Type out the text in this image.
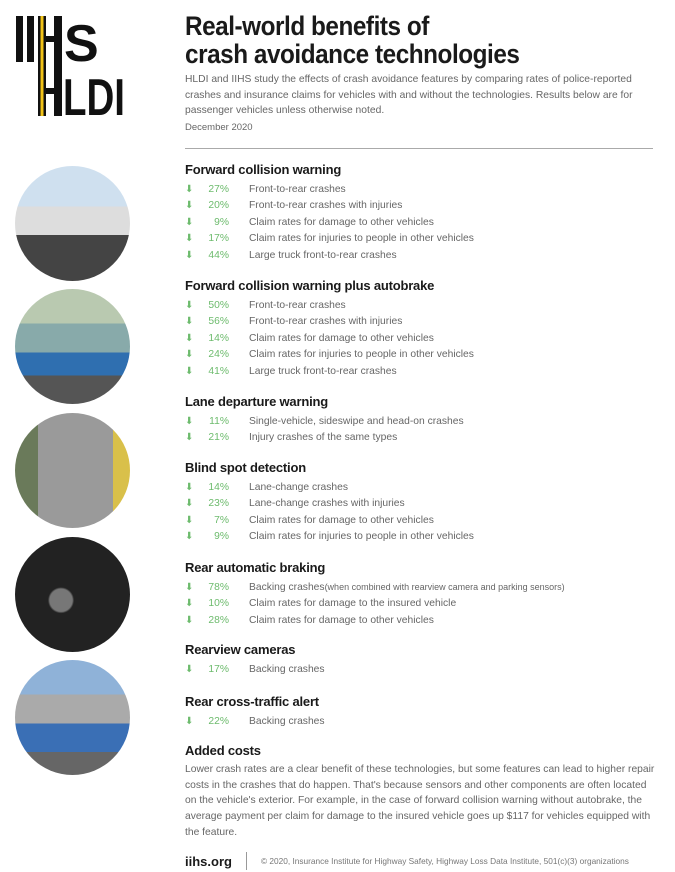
S
LDI
Real-world benefits of
crash avoidance technologies

HLDI and IIHS study the effects of crash avoidance features by comparing rates of police-reported crashes and insurance claims for vehicles with and without the technologies. Results below are for passenger vehicles unless otherwise noted.

December 2020
Forward collision warning
⬇	27% Front-to-rear crashes
⬇	20% Front-to-rear crashes with injuries
⬇	9% Claim rates for damage to other vehicles
⬇	17% Claim rates for injuries to people in other vehicles
⬇	44% Large truck front-to-rear crashes
Forward collision warning plus autobrake
⬇	50% Front-to-rear crashes
⬇	56% Front-to-rear crashes with injuries
⬇	14% Claim rates for damage to other vehicles
⬇	24% Claim rates for injuries to people in other vehicles
⬇	41% Large truck front-to-rear crashes
Lane departure warning
⬇	11% Single-vehicle, sideswipe and head-on crashes
⬇	21% Injury crashes of the same types
Blind spot detection
⬇	14% Lane-change crashes
⬇	23% Lane-change crashes with injuries
⬇	7% Claim rates for damage to other vehicles
⬇	9% Claim rates for injuries to people in other vehicles
Rear automatic braking
⬇	78% Backing crashes (when combined with rearview camera and parking sensors)
⬇	10% Claim rates for damage to the insured vehicle
⬇	28% Claim rates for damage to other vehicles
Rearview cameras
⬇	17% Backing crashes
Rear cross-traffic alert
⬇	22% Backing crashes
Added costs

Lower crash rates are a clear benefit of these technologies, but some features can lead to higher repair costs in the crashes that do happen. That's because sensors and other components are often located on the vehicle's exterior. For example, in the case of forward collision warning without autobrake, the average payment per claim for damage to the insured vehicle goes up $117 for vehicles equipped with the feature.

iihs.org	© 2020, Insurance Institute for Highway Safety, Highway Loss Data Institute, 501(c)(3) organizations
